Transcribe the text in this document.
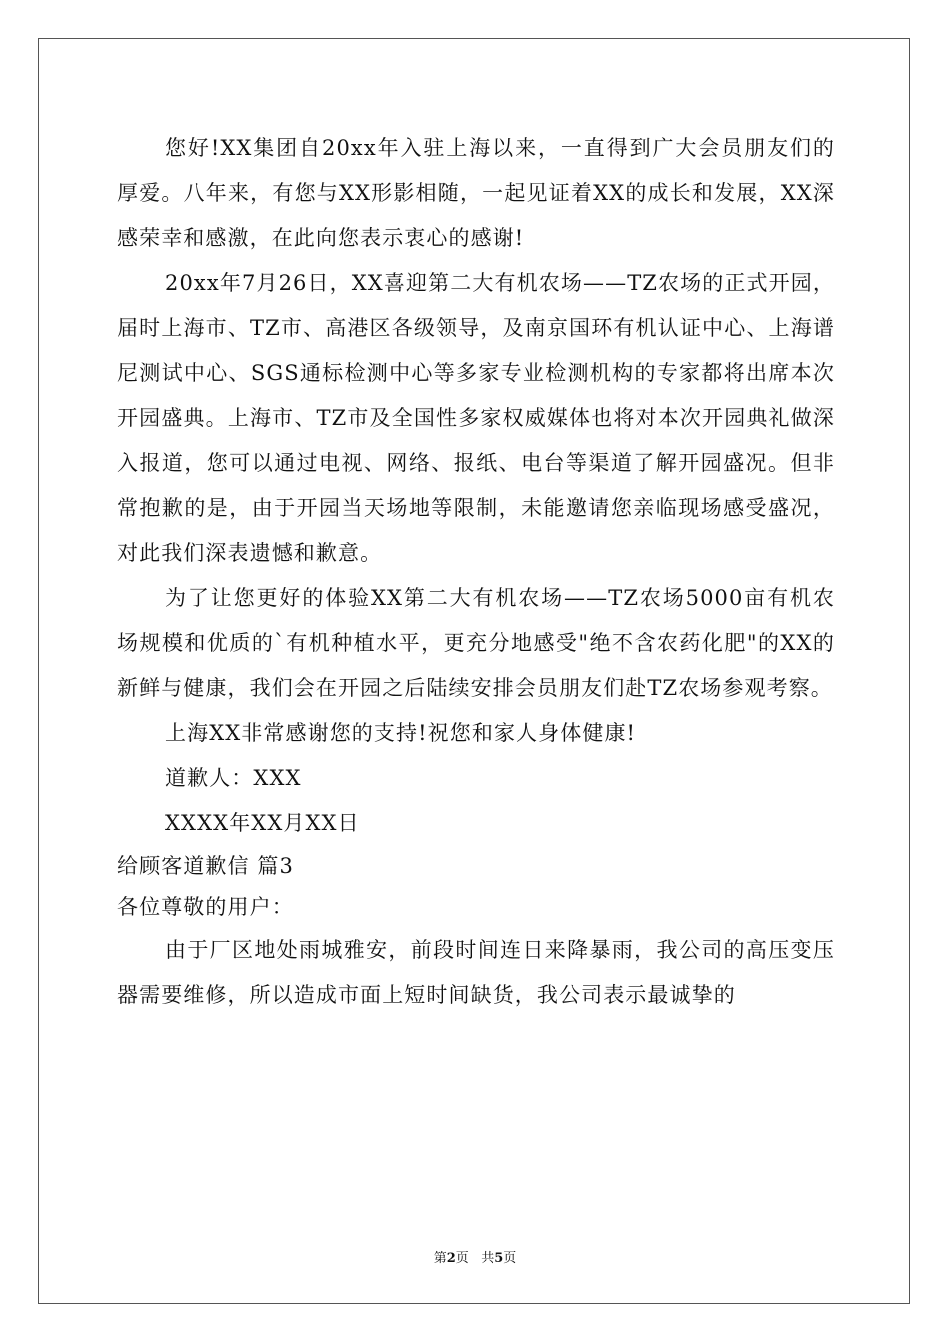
您好!XX集团自20xx年入驻上海以来，一直得到广大会员朋友们的厚爱。八年来，有您与XX形影相随，一起见证着XX的成长和发展，XX深感荣幸和感激，在此向您表示衷心的感谢!

20xx年7月26日，XX喜迎第二大有机农场——TZ农场的正式开园，届时上海市、TZ市、高港区各级领导，及南京国环有机认证中心、上海谱尼测试中心、SGS通标检测中心等多家专业检测机构的专家都将出席本次开园盛典。上海市、TZ市及全国性多家权威媒体也将对本次开园典礼做深入报道，您可以通过电视、网络、报纸、电台等渠道了解开园盛况。但非常抱歉的是，由于开园当天场地等限制，未能邀请您亲临现场感受盛况，对此我们深表遗憾和歉意。

为了让您更好的体验XX第二大有机农场——TZ农场5000亩有机农场规模和优质的`有机种植水平，更充分地感受"绝不含农药化肥"的XX的新鲜与健康，我们会在开园之后陆续安排会员朋友们赴TZ农场参观考察。

上海XX非常感谢您的支持!祝您和家人身体健康!

道歉人：XXX

XXXX年XX月XX日

给顾客道歉信 篇3

各位尊敬的用户：

由于厂区地处雨城雅安，前段时间连日来降暴雨，我公司的高压变压器需要维修，所以造成市面上短时间缺货，我公司表示最诚挚的

第2页 共5页
